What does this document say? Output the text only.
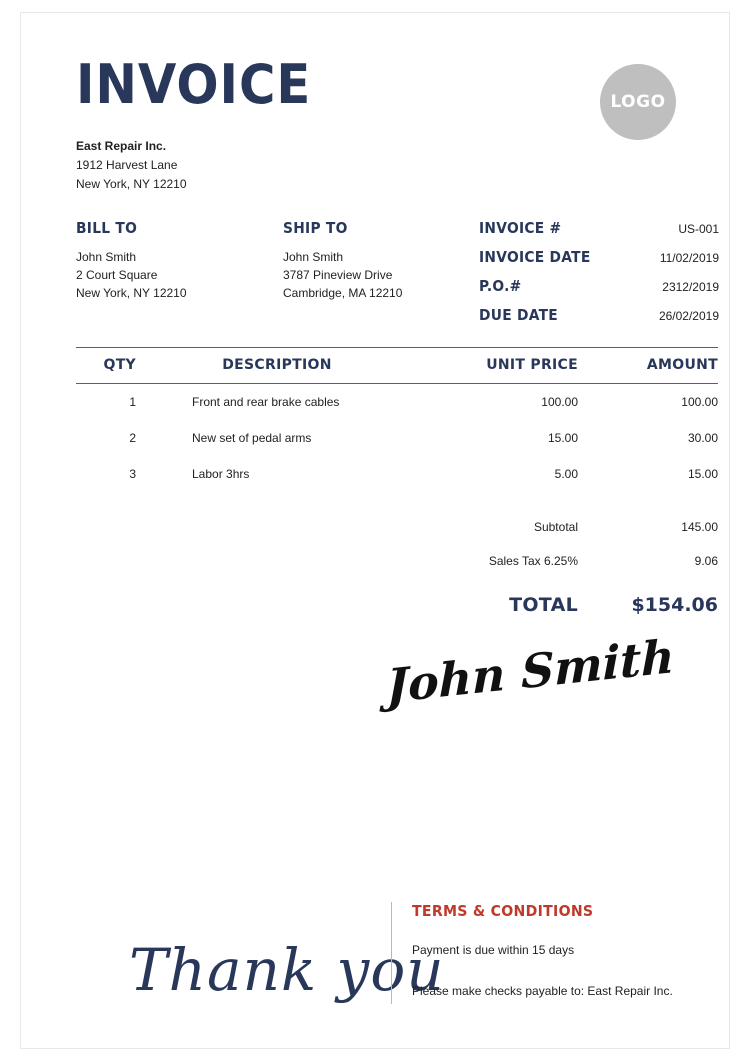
INVOICE	LOGO
East Repair Inc.
1912 Harvest Lane
New York, NY 12210
BILL TO
John Smith
2 Court Square
New York, NY 12210
SHIP TO
John Smith
3787 Pineview Drive
Cambridge, MA 12210
INVOICE #	US-001
INVOICE DATE	11/02/2019
P.O.#	2312/2019
DUE DATE	26/02/2019
QTY	DESCRIPTION	UNIT PRICE	AMOUNT
1	Front and rear brake cables	100.00	100.00
2	New set of pedal arms	15.00	30.00
3	Labor 3hrs	5.00	15.00
Subtotal	145.00
Sales Tax 6.25%	9.06
TOTAL	$154.06
John Smith
Thank you
TERMS & CONDITIONS
Payment is due within 15 days
Please make checks payable to: East Repair Inc.
